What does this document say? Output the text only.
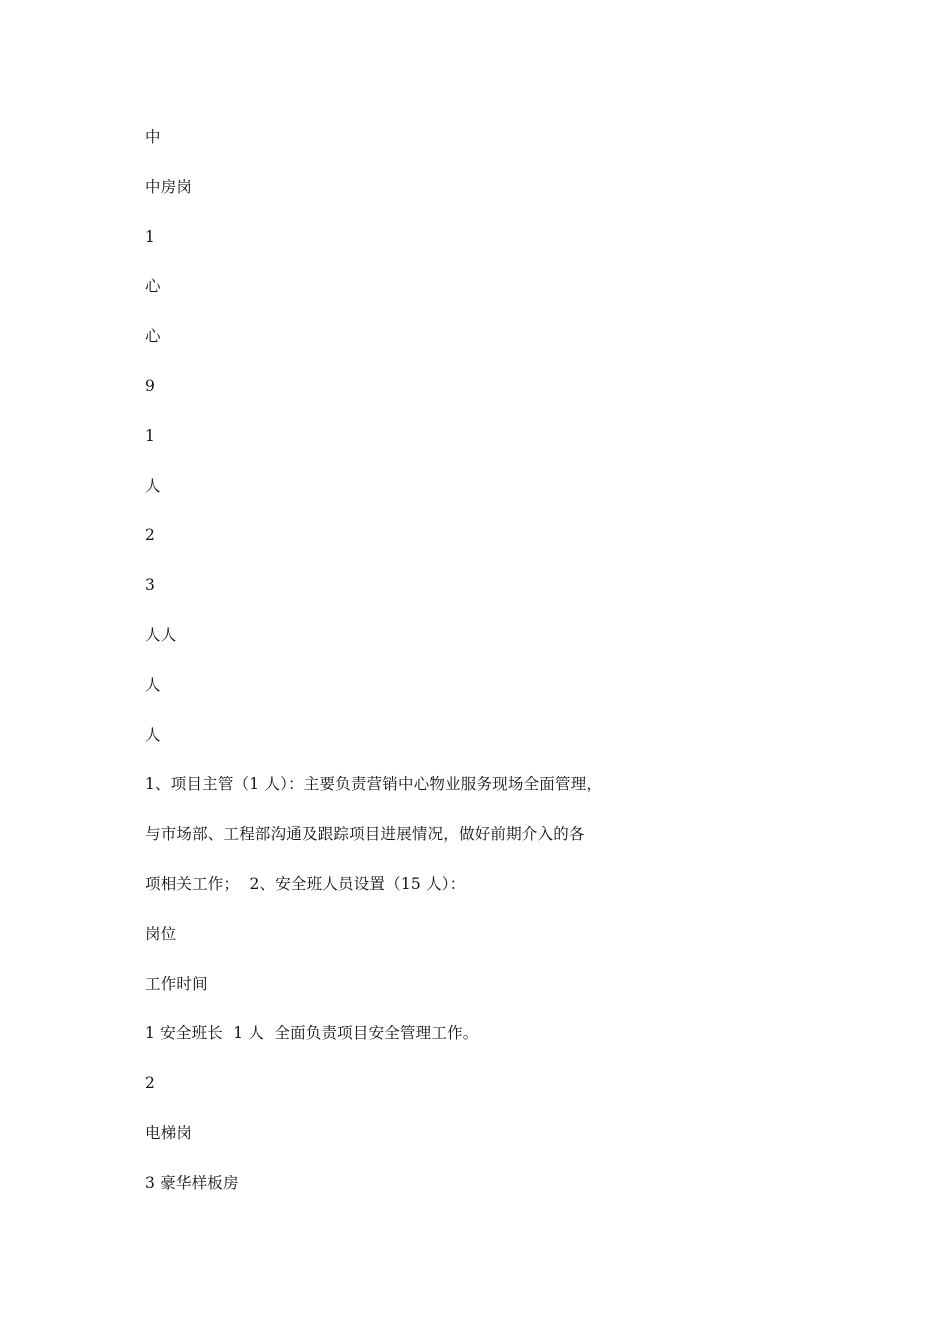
中
中房岗
1
心
心
9
1
人
2
3
人人
人
人
1、项目主管（1 人）：主要负责营销中心物业服务现场全面管理，
与市场部、工程部沟通及跟踪项目进展情况，做好前期介入的各
项相关工作；  2、安全班人员设置（15 人）：
岗位
工作时间
1 安全班长  1 人  全面负责项目安全管理工作。
2
电梯岗
3 豪华样板房
